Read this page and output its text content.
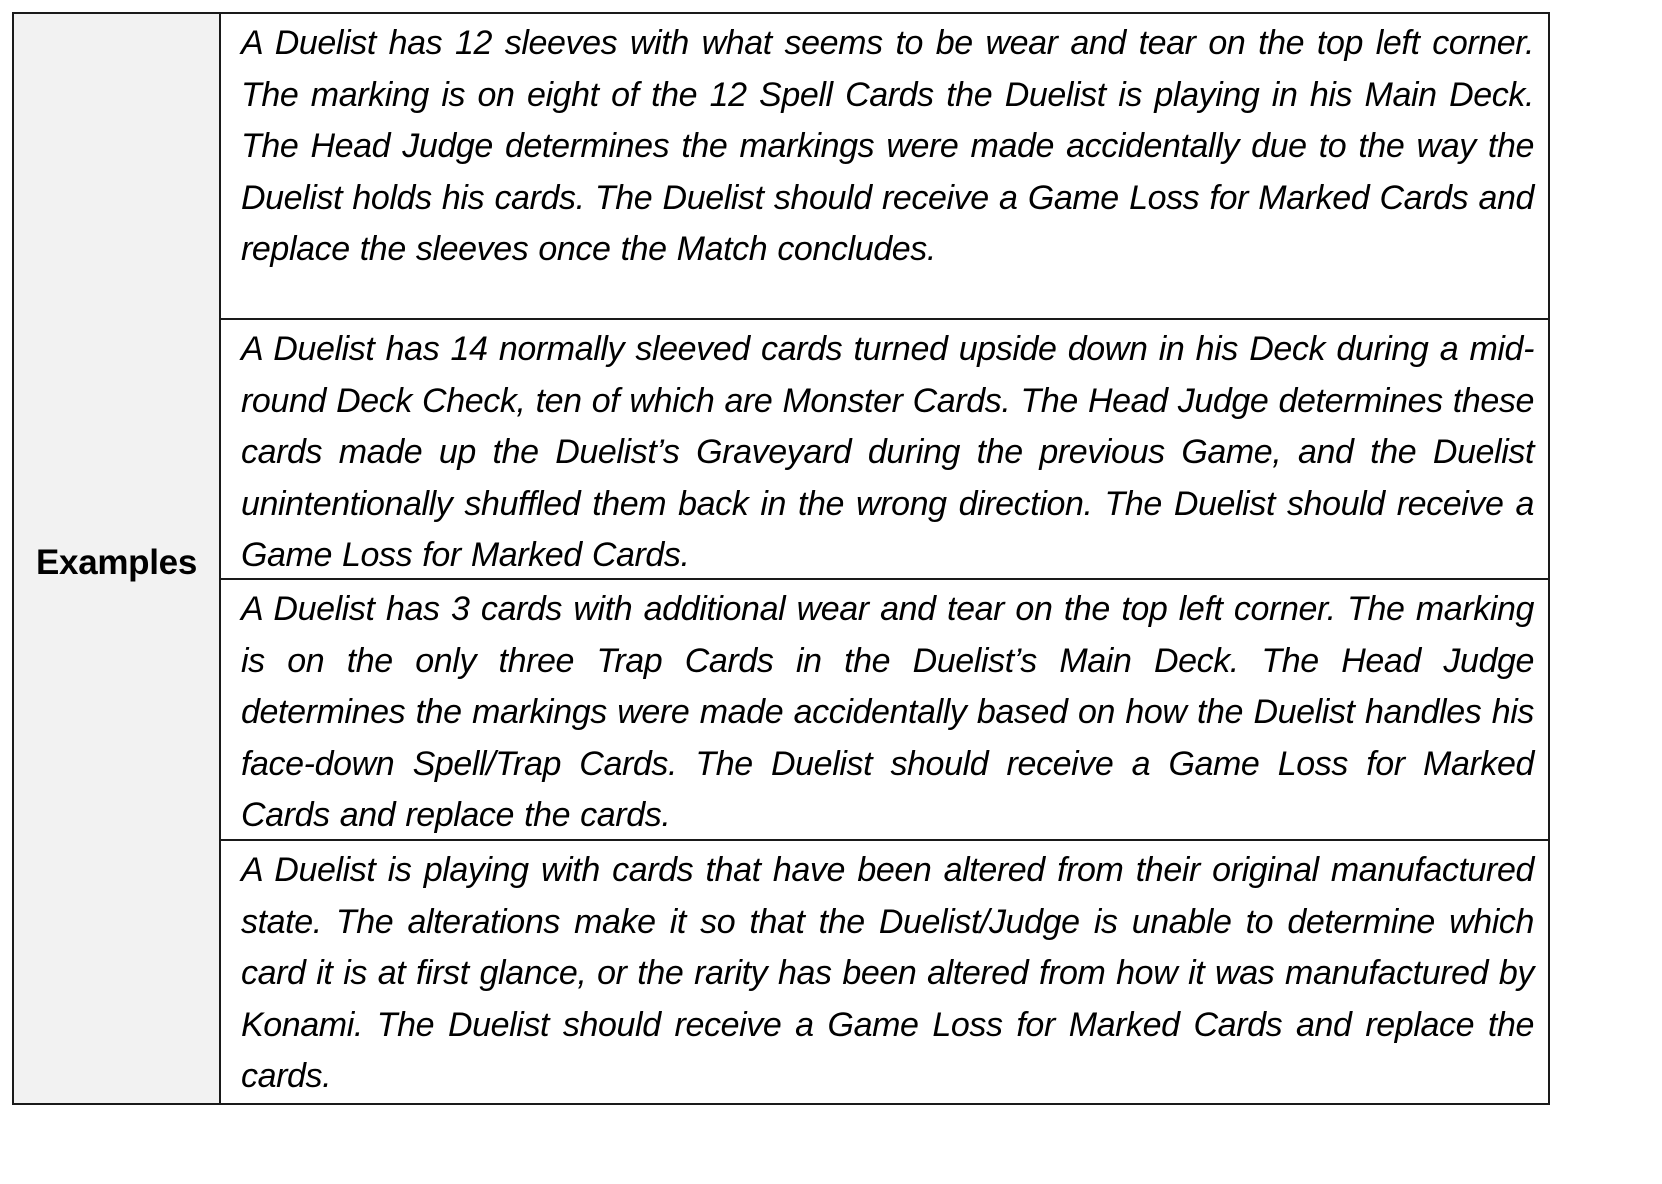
Examples

A Duelist has 12 sleeves with what seems to be wear and tear on the top left corner. The marking is on eight of the 12 Spell Cards the Duelist is playing in his Main Deck. The Head Judge determines the markings were made accidentally due to the way the Duelist holds his cards. The Duelist should receive a Game Loss for Marked Cards and replace the sleeves once the Match concludes.

A Duelist has 14 normally sleeved cards turned upside down in his Deck during a mid-round Deck Check, ten of which are Monster Cards. The Head Judge determines these cards made up the Duelist’s Graveyard during the previous Game, and the Duelist unintentionally shuffled them back in the wrong direction. The Duelist should receive a Game Loss for Marked Cards.

A Duelist has 3 cards with additional wear and tear on the top left corner. The marking is on the only three Trap Cards in the Duelist’s Main Deck. The Head Judge determines the markings were made accidentally based on how the Duelist handles his face-down Spell/Trap Cards. The Duelist should receive a Game Loss for Marked Cards and replace the cards.

A Duelist is playing with cards that have been altered from their original manufactured state. The alterations make it so that the Duelist/Judge is unable to determine which card it is at first glance, or the rarity has been altered from how it was manufactured by Konami. The Duelist should receive a Game Loss for Marked Cards and replace the cards.
